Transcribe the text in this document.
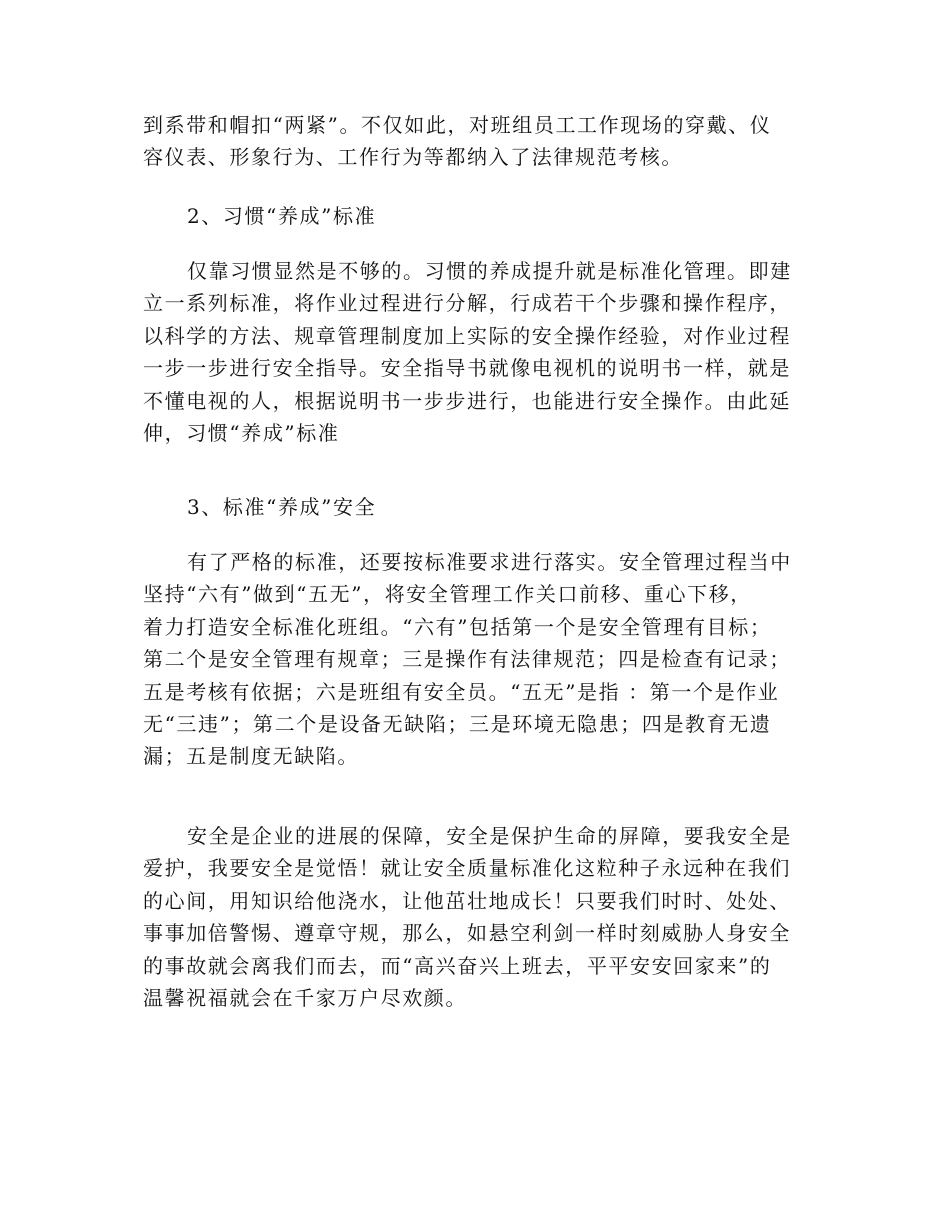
到系带和帽扣“两紧”。不仅如此，对班组员工工作现场的穿戴、仪
容仪表、形象行为、工作行为等都纳入了法律规范考核。
2、习惯“养成”标准
仅靠习惯显然是不够的。习惯的养成提升就是标准化管理。即建
立一系列标准，将作业过程进行分解，行成若干个步骤和操作程序，
以科学的方法、规章管理制度加上实际的安全操作经验，对作业过程
一步一步进行安全指导。安全指导书就像电视机的说明书一样，就是
不懂电视的人，根据说明书一步步进行，也能进行安全操作。由此延
伸，习惯“养成”标准
3、标准“养成”安全
有了严格的标准，还要按标准要求进行落实。安全管理过程当中
坚持“六有”做到“五无”，将安全管理工作关口前移、重心下移，
着力打造安全标准化班组。“六有”包括第一个是安全管理有目标；
第二个是安全管理有规章；三是操作有法律规范；四是检查有记录；
五是考核有依据；六是班组有安全员。“五无”是指 ：第一个是作业
无“三违”；第二个是设备无缺陷；三是环境无隐患；四是教育无遗
漏；五是制度无缺陷。
安全是企业的进展的保障，安全是保护生命的屏障，要我安全是
爱护，我要安全是觉悟！就让安全质量标准化这粒种子永远种在我们
的心间，用知识给他浇水，让他茁壮地成长！只要我们时时、处处、
事事加倍警惕、遵章守规，那么，如悬空利剑一样时刻威胁人身安全
的事故就会离我们而去，而“高兴奋兴上班去，平平安安回家来”的
温馨祝福就会在千家万户尽欢颜。
